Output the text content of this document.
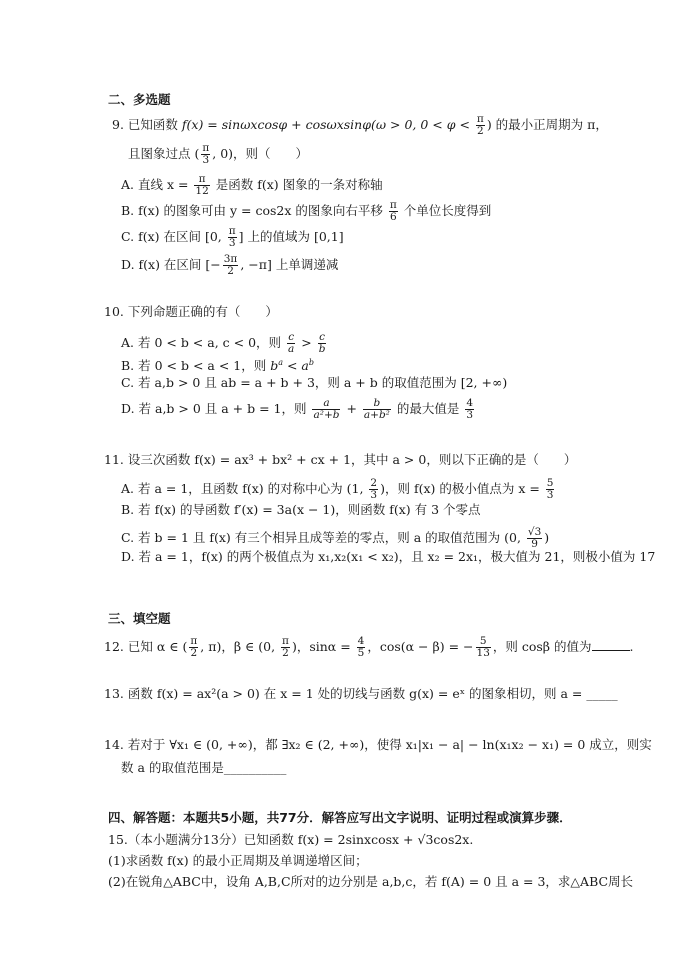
二、多选题
9. 已知函数 f(x) = sinωxcosφ + cosωxsinφ(ω > 0, $0 < \varphi < \frac{\pi}{2}$ ) 的最小正周期为 π，
且图象过点 ( $\frac{\pi}{3}$ , 0)，则（　　）
A. 直线 $x = \frac{\pi}{12}$ 是函数 f(x) 图象的一条对称轴
B. f(x) 的图象可由 y = cos2x 的图象向右平移 $\frac{\pi}{6}$ 个单位长度得到
C. f(x) 在区间 [0, $\frac{\pi}{3}$ ] 上的值域为 [0,1]
D. f(x) 在区间 [− $\frac{3\pi}{2}$ , −π] 上单调递减
10. 下列命题正确的有（　　）
A. 若 0 < b < a, c < 0，则 $\frac{c}{a} > \frac{c}{b}$
B. 若 0 < b < a < 1，则 $b^a < a^b$
C. 若 a,b > 0 且 ab = a + b + 3，则 a + b 的取值范围为 [2, +∞)
D. 若 a,b > 0 且 a + b = 1，则 $\frac{a}{\text{a²+b}} + \frac{b}{\text{a+b²}}$ 的最大值是 $\frac{4}{3}$
11. 设三次函数 f(x) = ax³ + bx² + cx + 1，其中 a > 0，则以下正确的是（　　）
A. 若 a = 1，且函数 f(x) 的对称中心为 (1, $\frac{2}{3}$ )，则 f(x) 的极小值点为 $x = \frac{5}{3}$
B. 若 f(x) 的导函数 f′(x) = 3a(x − 1)，则函数 f(x) 有 3 个零点
C. 若 b = 1 且 f(x) 有三个相异且成等差的零点，则 a 的取值范围为 (0, $\frac{√3}{9}$ )
D. 若 a = 1，f(x) 的两个极值点为 x₁,x₂(x₁ < x₂)，且 x₂ = 2x₁，极大值为 21，则极小值为 17
三、填空题
12. 已知 α ∈ ( $\frac{\pi}{2}$ , π)，β ∈ (0, $\frac{\pi}{2}$ )，$\sin\alpha = \frac{4}{5}$ ，cos(α − β) = − $\frac{5}{13}$ ，则 cosβ 的值为	.
13. 函数 f(x) = ax²(a > 0) 在 x = 1 处的切线与函数 g(x) = eˣ 的图象相切，则 a = _____
14. 若对于 ∀x₁ ∈ (0, +∞)，都 ∃x₂ ∈ (2, +∞)，使得 x₁|x₁ − a| − ln(x₁x₂ − x₁) = 0 成立，则实
数 a 的取值范围是__________
四、解答题：本题共5小题，共77分．解答应写出文字说明、证明过程或演算步骤．
15.（本小题满分13分）已知函数 f(x) = 2sinxcosx + √3cos2x.
(1)求函数 f(x) 的最小正周期及单调递增区间；
(2)在锐角△ABC中，设角 A,B,C所对的边分别是 a,b,c，若 f(A) = 0 且 a = 3，求△ABC周长
